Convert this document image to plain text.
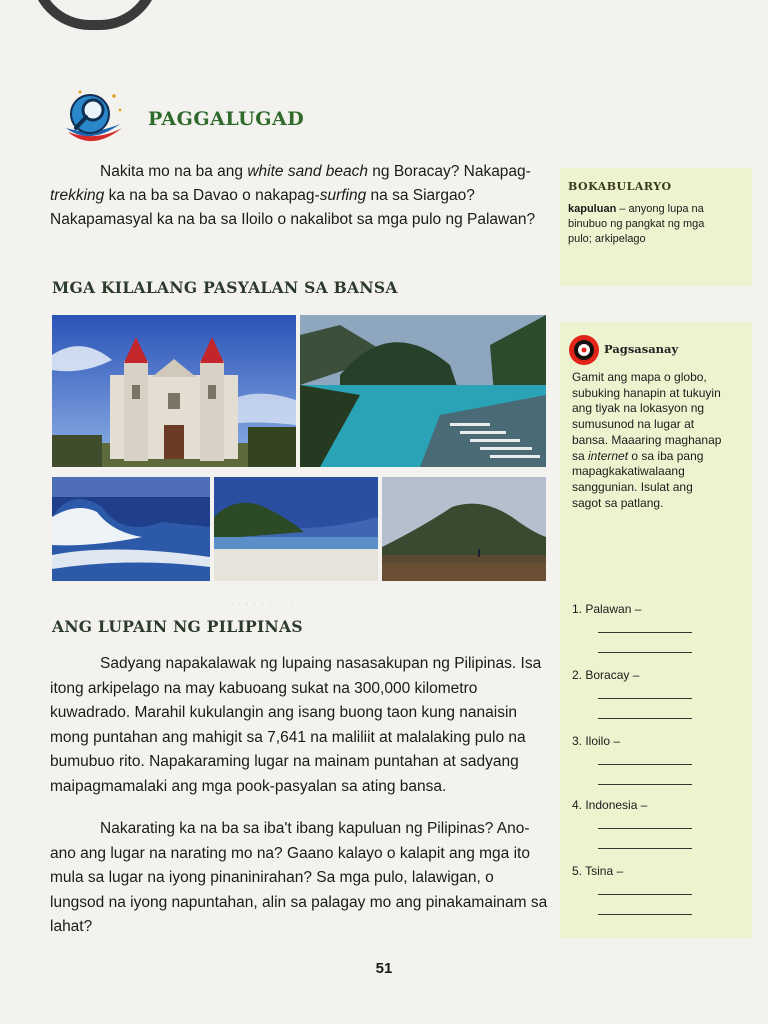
PAGGALUGAD

Nakita mo na ba ang white sand beach ng Boracay? Nakapag-trekking ka na ba sa Davao o nakapag-surfing na sa Siargao? Nakapamasyal ka na ba sa Iloilo o nakalibot sa mga pulo ng Palawan?

MGA KILALANG PASYALAN SA BANSA
· · · · · · · · ·
ANG LUPAIN NG PILIPINAS

Sadyang napakalawak ng lupaing nasasakupan ng Pilipinas. Isa itong arkipelago na may kabuoang sukat na 300,000 kilometro kuwadrado. Marahil kukulangin ang isang buong taon kung nanaisin mong puntahan ang mahigit sa 7,641 na maliliit at malalaking pulo na bumubuo rito. Napakaraming lugar na mainam puntahan at sadyang maipagmamalaki ang mga pook-pasyalan sa ating bansa.

Nakarating ka na ba sa iba't ibang kapuluan ng Pilipinas? Ano-ano ang lugar na narating mo na? Gaano kalayo o kalapit ang mga ito mula sa lugar na iyong pinaninirahan? Sa mga pulo, lalawigan, o lungsod na iyong napuntahan, alin sa palagay mo ang pinakamainam sa lahat?

BOKABULARYO
kapuluan – anyong lupa na binubuo ng pangkat ng mga pulo; arkipelago
Pagsasanay
Gamit ang mapa o globo, subuking hanapin at tukuyin ang tiyak na lokasyon ng sumusunod na lugar at bansa. Maaaring maghanap sa internet o sa iba pang mapagkakatiwalaang sanggunian. Isulat ang sagot sa patlang.
1. Palawan –
2. Boracay –
3. Iloilo –
4. Indonesia –
5. Tsina –
51
